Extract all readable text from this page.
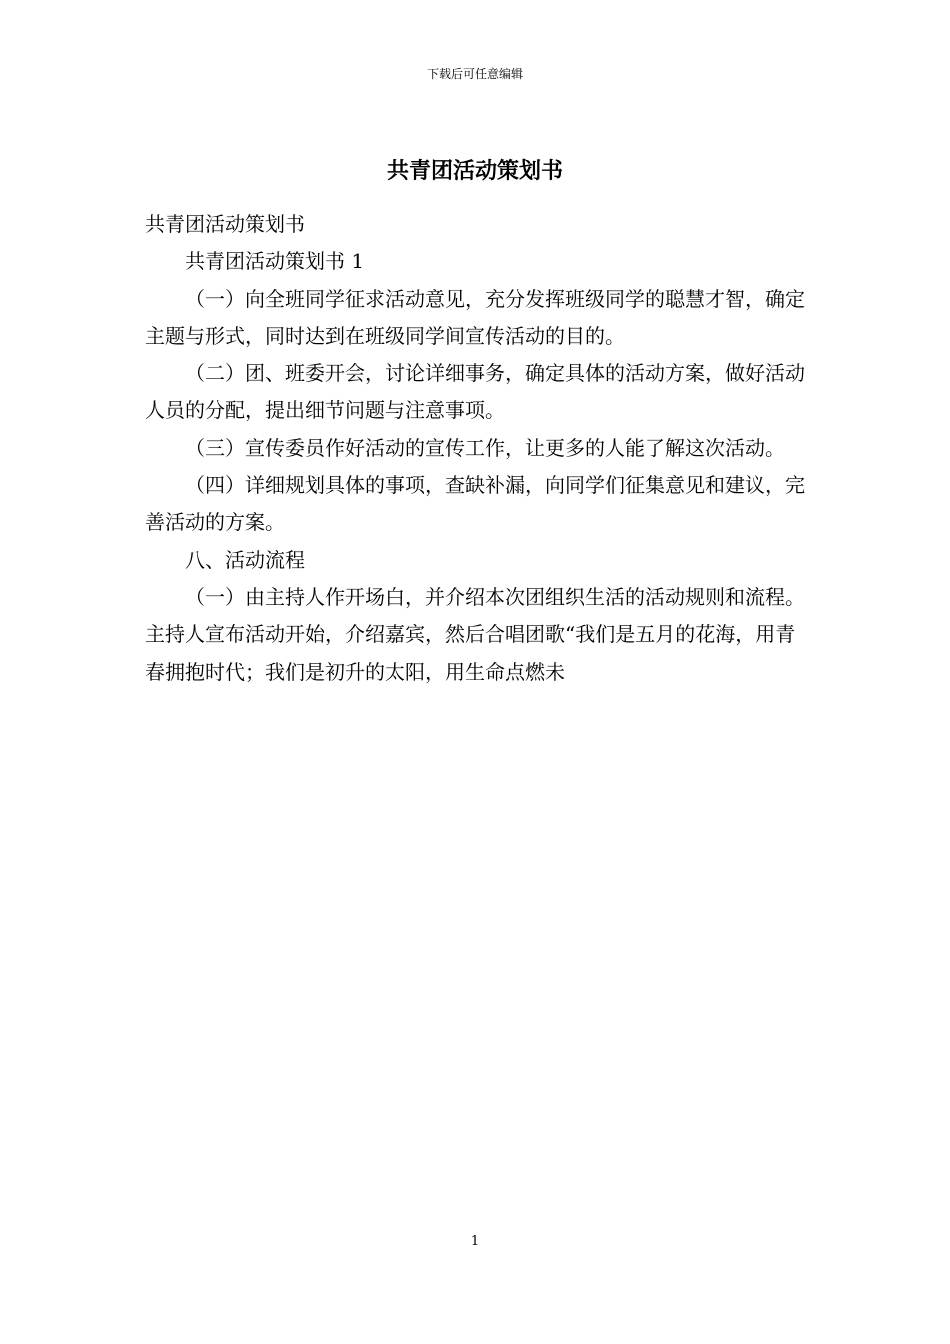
下载后可任意编辑
共青团活动策划书

共青团活动策划书

共青团活动策划书 1

（一）向全班同学征求活动意见，充分发挥班级同学的聪慧才智，确定主题与形式，同时达到在班级同学间宣传活动的目的。

（二）团、班委开会，讨论详细事务，确定具体的活动方案，做好活动人员的分配，提出细节问题与注意事项。

（三）宣传委员作好活动的宣传工作，让更多的人能了解这次活动。

（四）详细规划具体的事项，查缺补漏，向同学们征集意见和建议，完善活动的方案。

八、活动流程

（一）由主持人作开场白，并介绍本次团组织生活的活动规则和流程。主持人宣布活动开始，介绍嘉宾，然后合唱团歌“我们是五月的花海，用青春拥抱时代；我们是初升的太阳，用生命点燃未

1
